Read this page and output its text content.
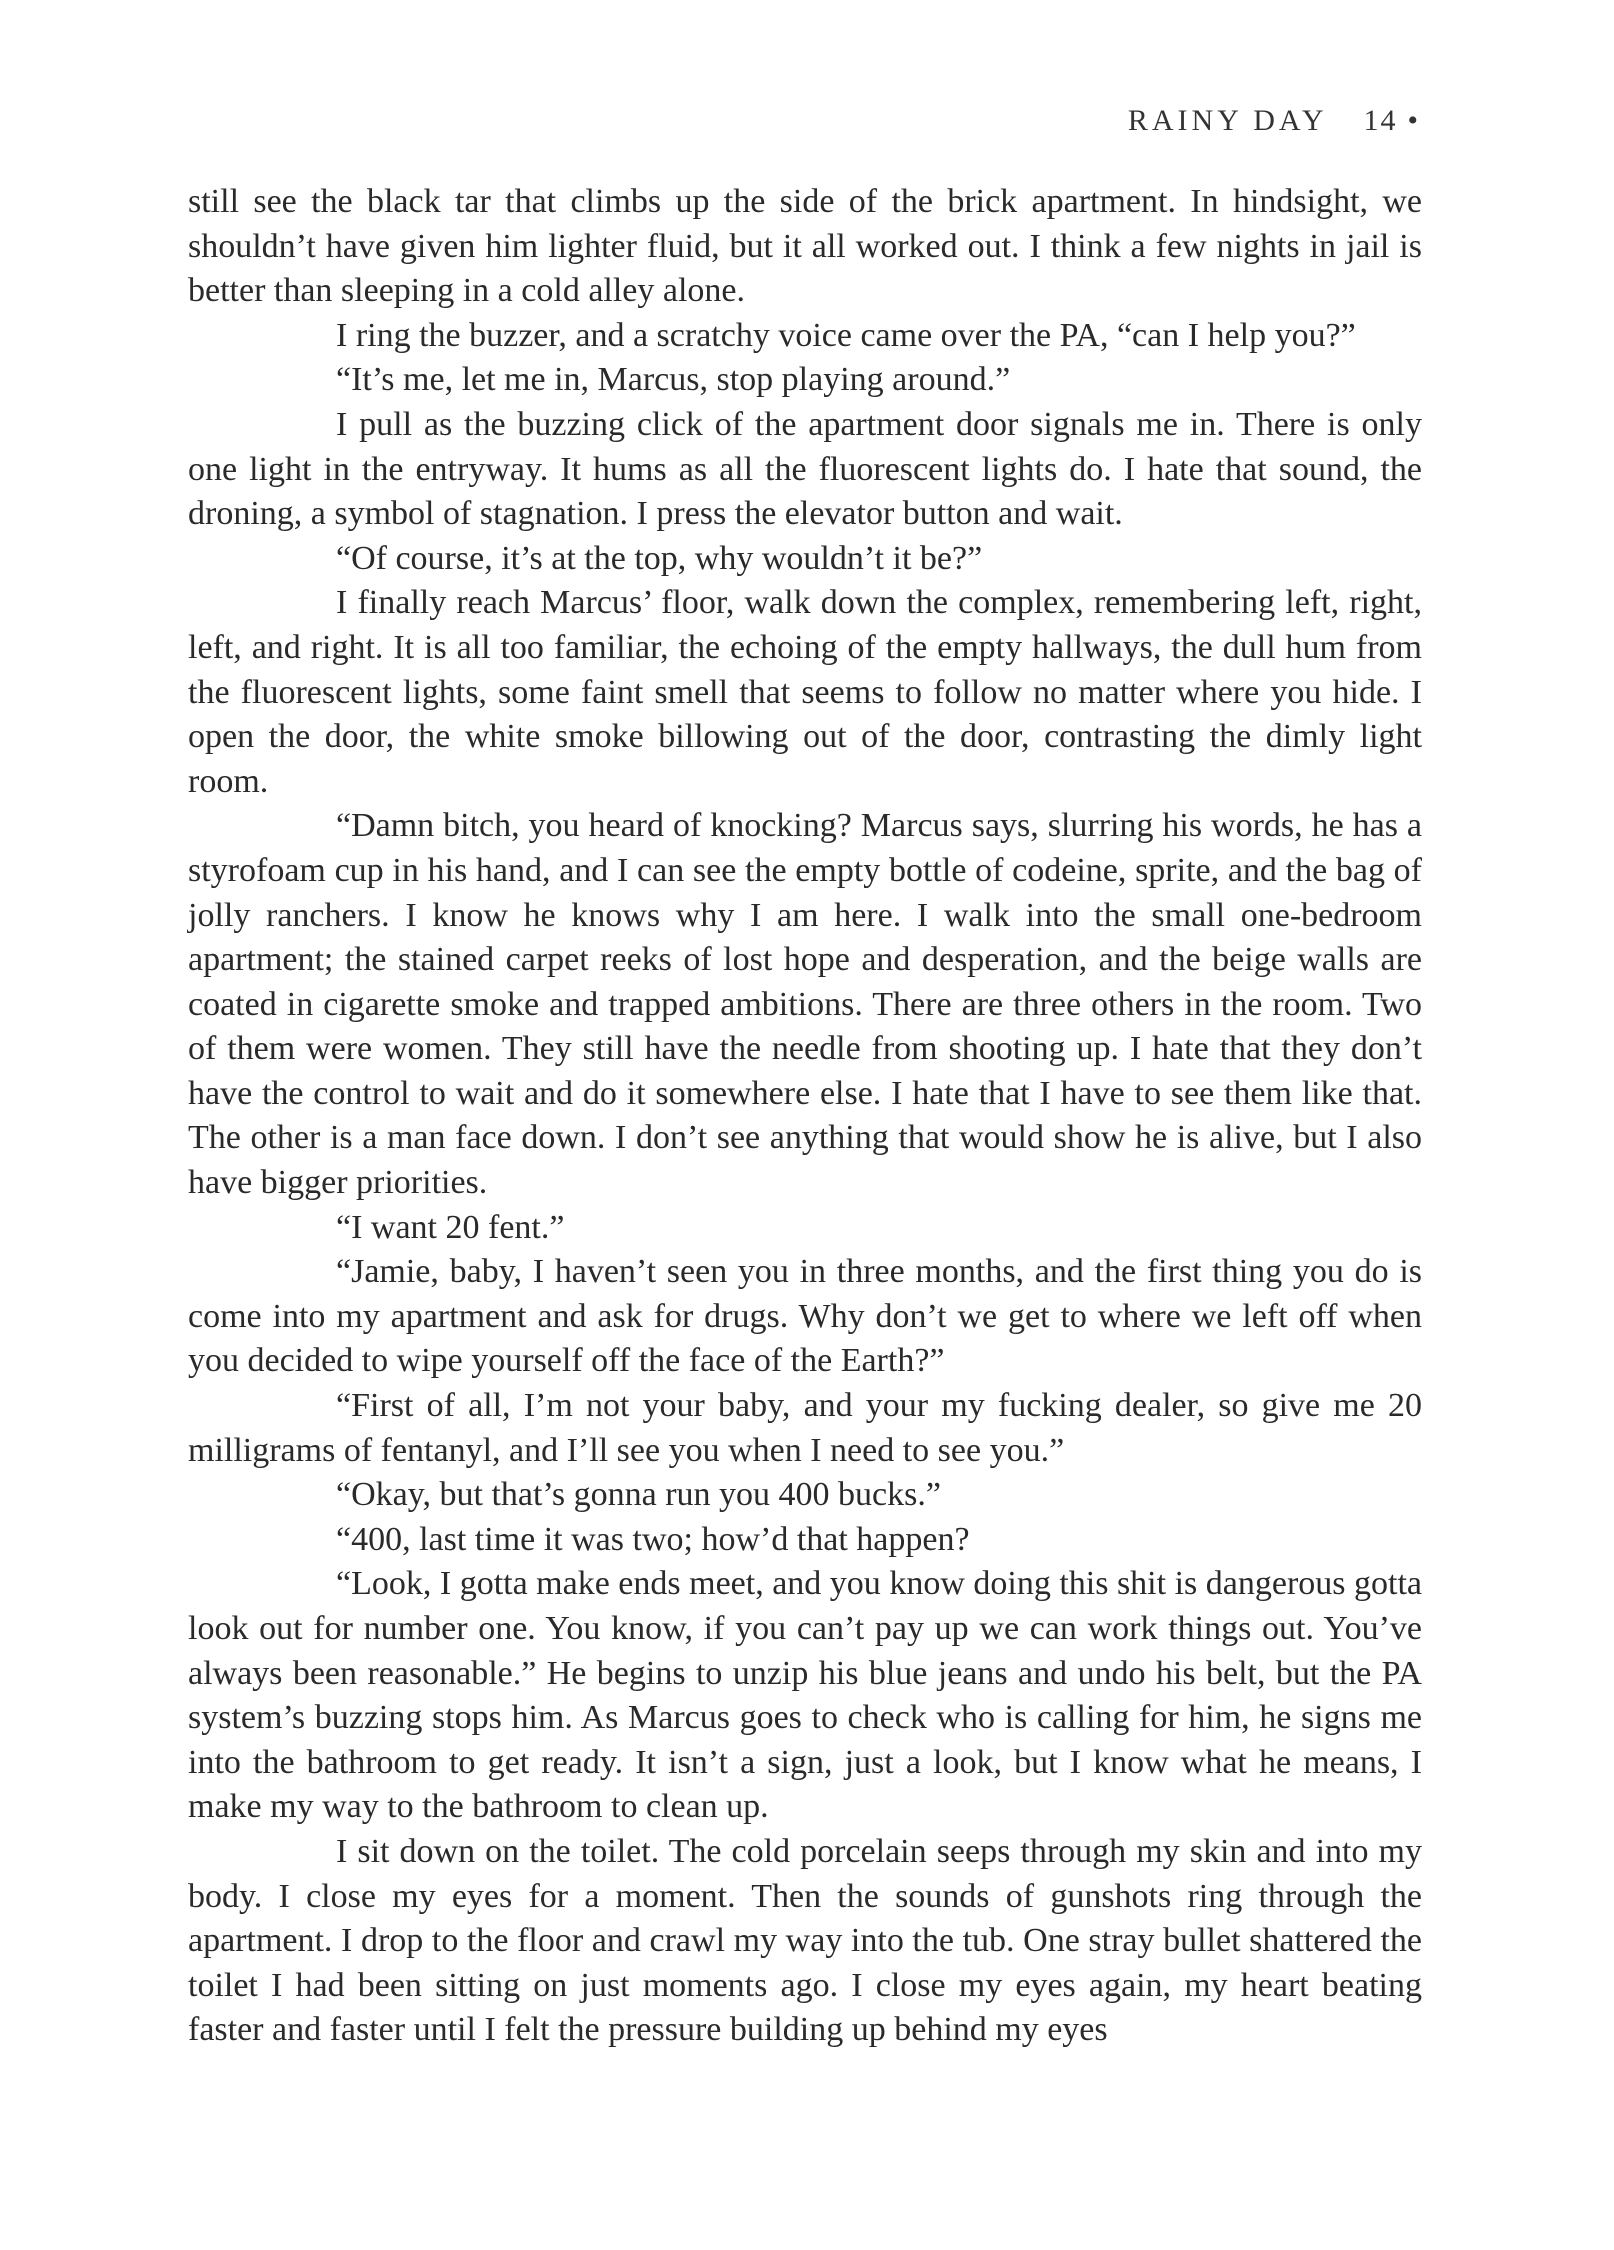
RAINY DAY 14 •

still see the black tar that climbs up the side of the brick apartment. In hindsight, we shouldn’t have given him lighter fluid, but it all worked out. I think a few nights in jail is better than sleeping in a cold alley alone.

I ring the buzzer, and a scratchy voice came over the PA, “can I help you?”

“It’s me, let me in, Marcus, stop playing around.”

I pull as the buzzing click of the apartment door signals me in. There is only one light in the entryway. It hums as all the fluorescent lights do. I hate that sound, the droning, a symbol of stagnation. I press the elevator button and wait.

“Of course, it’s at the top, why wouldn’t it be?”

I finally reach Marcus’ floor, walk down the complex, remembering left, right, left, and right. It is all too familiar, the echoing of the empty hallways, the dull hum from the fluorescent lights, some faint smell that seems to follow no matter where you hide. I open the door, the white smoke billowing out of the door, contrasting the dimly light room.

“Damn bitch, you heard of knocking? Marcus says, slurring his words, he has a styrofoam cup in his hand, and I can see the empty bottle of codeine, sprite, and the bag of jolly ranchers. I know he knows why I am here. I walk into the small one-bedroom apartment; the stained carpet reeks of lost hope and desperation, and the beige walls are coated in cigarette smoke and trapped ambitions. There are three others in the room. Two of them were women. They still have the needle from shooting up. I hate that they don’t have the control to wait and do it somewhere else. I hate that I have to see them like that. The other is a man face down. I don’t see anything that would show he is alive, but I also have bigger priorities.

“I want 20 fent.”

“Jamie, baby, I haven’t seen you in three months, and the first thing you do is come into my apartment and ask for drugs. Why don’t we get to where we left off when you decided to wipe yourself off the face of the Earth?”

“First of all, I’m not your baby, and your my fucking dealer, so give me 20 milligrams of fentanyl, and I’ll see you when I need to see you.”

“Okay, but that’s gonna run you 400 bucks.”

“400, last time it was two; how’d that happen?

“Look, I gotta make ends meet, and you know doing this shit is dangerous gotta look out for number one. You know, if you can’t pay up we can work things out. You’ve always been reasonable.” He begins to unzip his blue jeans and undo his belt, but the PA system’s buzzing stops him. As Marcus goes to check who is calling for him, he signs me into the bathroom to get ready. It isn’t a sign, just a look, but I know what he means, I make my way to the bathroom to clean up.

I sit down on the toilet. The cold porcelain seeps through my skin and into my body. I close my eyes for a moment. Then the sounds of gunshots ring through the apartment. I drop to the floor and crawl my way into the tub. One stray bullet shattered the toilet I had been sitting on just moments ago. I close my eyes again, my heart beating faster and faster until I felt the pressure building up behind my eyes
